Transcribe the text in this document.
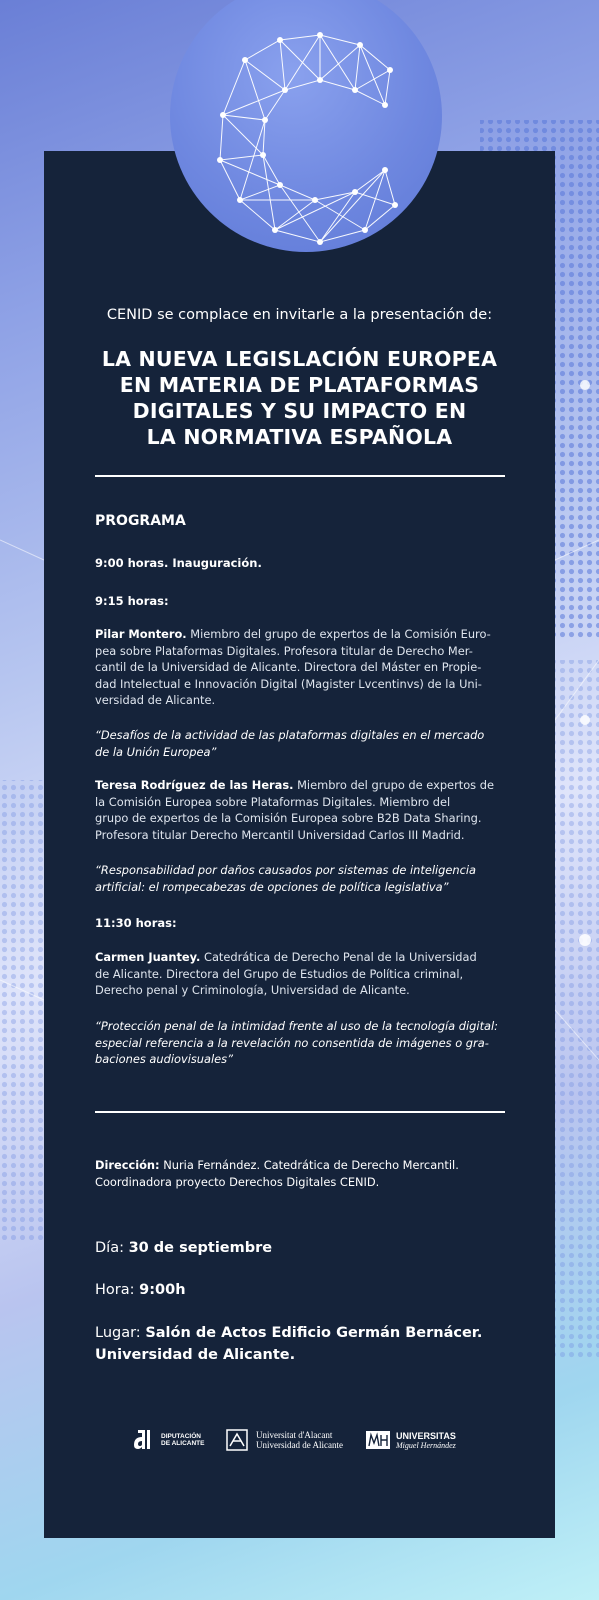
CENID se complace en invitarle a la presentación de:
LA NUEVA LEGISLACIÓN EUROPEA
EN MATERIA DE PLATAFORMAS
DIGITALES Y SU IMPACTO EN
LA NORMATIVA ESPAÑOLA
PROGRAMA
9:00 horas. Inauguración.
9:15 horas:
Pilar Montero. Miembro del grupo de expertos de la Comisión Euro-
pea sobre Plataformas Digitales. Profesora titular de Derecho Mer-
cantil de la Universidad de Alicante. Directora del Máster en Propie-
dad Intelectual e Innovación Digital (Magister Lvcentinvs) de la Uni-
versidad de Alicante.
“Desafíos de la actividad de las plataformas digitales en el mercado
de la Unión Europea”
Teresa Rodríguez de las Heras. Miembro del grupo de expertos de
la Comisión Europea sobre Plataformas Digitales. Miembro del
grupo de expertos de la Comisión Europea sobre B2B Data Sharing.
Profesora titular Derecho Mercantil Universidad Carlos III Madrid.
“Responsabilidad por daños causados por sistemas de inteligencia
artificial: el rompecabezas de opciones de política legislativa”
11:30 horas:
Carmen Juantey. Catedrática de Derecho Penal de la Universidad
de Alicante. Directora del Grupo de Estudios de Política criminal,
Derecho penal y Criminología, Universidad de Alicante.
“Protección penal de la intimidad frente al uso de la tecnología digital:
especial referencia a la revelación no consentida de imágenes o gra-
baciones audiovisuales”
Dirección: Nuria Fernández. Catedrática de Derecho Mercantil.
Coordinadora proyecto Derechos Digitales CENID.
Día: 30 de septiembre
Hora: 9:00h
Lugar: Salón de Actos Edificio Germán Bernácer.
Universidad de Alicante.
DIPUTACIÓN
DE ALICANTE
Universitat d'Alacant
Universidad de Alicante
UNIVERSITAS
Miguel Hernández
